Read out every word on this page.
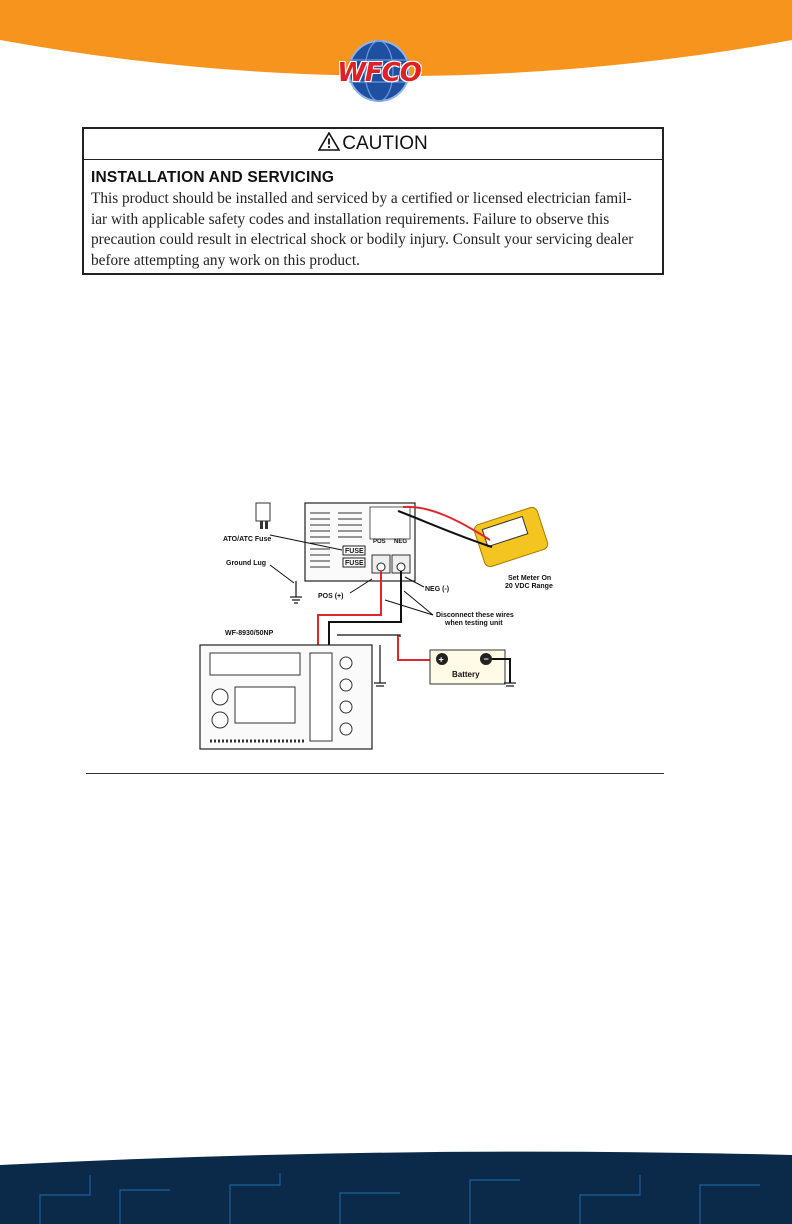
WFCO
CAUTION
INSTALLATION AND SERVICING
This product should be installed and serviced by a certified or licensed electrician famil-
iar with applicable safety codes and installation requirements. Failure to observe this
precaution could result in electrical shock or bodily injury. Consult your servicing dealer
before attempting any work on this product.
POS NEG
FUSE
FUSE
ATO/ATC Fuse
Ground Lug
Set Meter On
20 VDC Range
POS (+)
NEG (-)
Disconnect these wires
when testing unit
+	−
Battery
WF-8930/50NP
